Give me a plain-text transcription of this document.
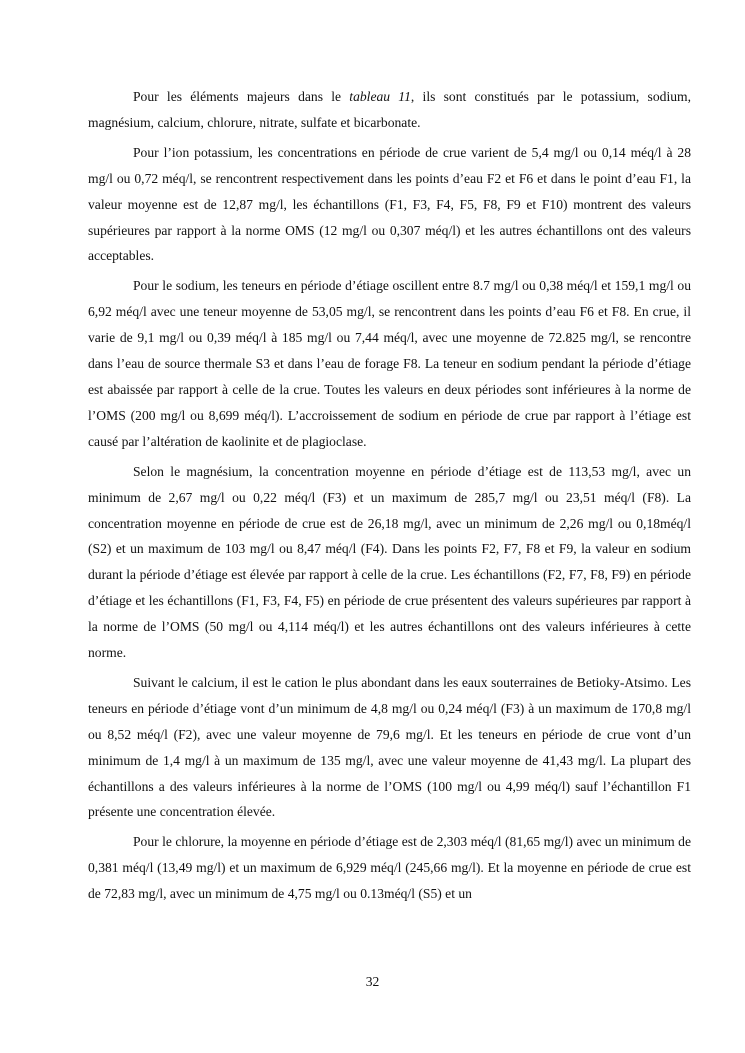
Pour les éléments majeurs dans le tableau 11, ils sont constitués par le potassium, sodium, magnésium, calcium, chlorure, nitrate, sulfate et bicarbonate.

Pour l’ion potassium, les concentrations en période de crue varient de 5,4 mg/l ou 0,14 méq/l à 28 mg/l ou 0,72 méq/l, se rencontrent respectivement dans les points d’eau F2 et F6 et dans le point d’eau F1, la valeur moyenne est de 12,87 mg/l, les échantillons (F1, F3, F4, F5, F8, F9 et F10) montrent des valeurs supérieures par rapport à la norme OMS (12 mg/l ou 0,307 méq/l) et les autres échantillons ont des valeurs acceptables.

Pour le sodium, les teneurs en période d’étiage oscillent entre 8.7 mg/l ou 0,38 méq/l et 159,1 mg/l ou 6,92 méq/l avec une teneur moyenne de 53,05 mg/l, se rencontrent dans les points d’eau F6 et F8. En crue, il varie de 9,1 mg/l ou 0,39 méq/l à 185 mg/l ou 7,44 méq/l, avec une moyenne de 72.825 mg/l, se rencontre dans l’eau de source thermale S3 et dans l’eau de forage F8. La teneur en sodium pendant la période d’étiage est abaissée par rapport à celle de la crue. Toutes les valeurs en deux périodes sont inférieures à la norme de l’OMS (200 mg/l ou 8,699 méq/l). L’accroissement de sodium en période de crue par rapport à l’étiage est causé par l’altération de kaolinite et de plagioclase.

Selon le magnésium, la concentration moyenne en période d’étiage est de 113,53 mg/l, avec un minimum de 2,67 mg/l ou 0,22 méq/l (F3) et un maximum de 285,7 mg/l ou 23,51 méq/l (F8). La concentration moyenne en période de crue est de 26,18 mg/l, avec un minimum de 2,26 mg/l ou 0,18méq/l (S2) et un maximum de 103 mg/l ou 8,47 méq/l (F4). Dans les points F2, F7, F8 et F9, la valeur en sodium durant la période d’étiage est élevée par rapport à celle de la crue. Les échantillons (F2, F7, F8, F9) en période d’étiage et les échantillons (F1, F3, F4, F5) en période de crue présentent des valeurs supérieures par rapport à la norme de l’OMS (50 mg/l ou 4,114 méq/l) et les autres échantillons ont des valeurs inférieures à cette norme.

Suivant le calcium, il est le cation le plus abondant dans les eaux souterraines de Betioky-Atsimo. Les teneurs en période d’étiage vont d’un minimum de 4,8 mg/l ou 0,24 méq/l (F3) à un maximum de 170,8 mg/l ou 8,52 méq/l (F2), avec une valeur moyenne de 79,6 mg/l. Et les teneurs en période de crue vont d’un minimum de 1,4 mg/l à un maximum de 135 mg/l, avec une valeur moyenne de 41,43 mg/l. La plupart des échantillons a des valeurs inférieures à la norme de l’OMS (100 mg/l ou 4,99 méq/l) sauf l’échantillon F1 présente une concentration élevée.

Pour le chlorure, la moyenne en période d’étiage est de 2,303 méq/l (81,65 mg/l) avec un minimum de 0,381 méq/l (13,49 mg/l) et un maximum de 6,929 méq/l (245,66 mg/l). Et la moyenne en période de crue est de 72,83 mg/l, avec un minimum de 4,75 mg/l ou 0.13méq/l (S5) et un

32
